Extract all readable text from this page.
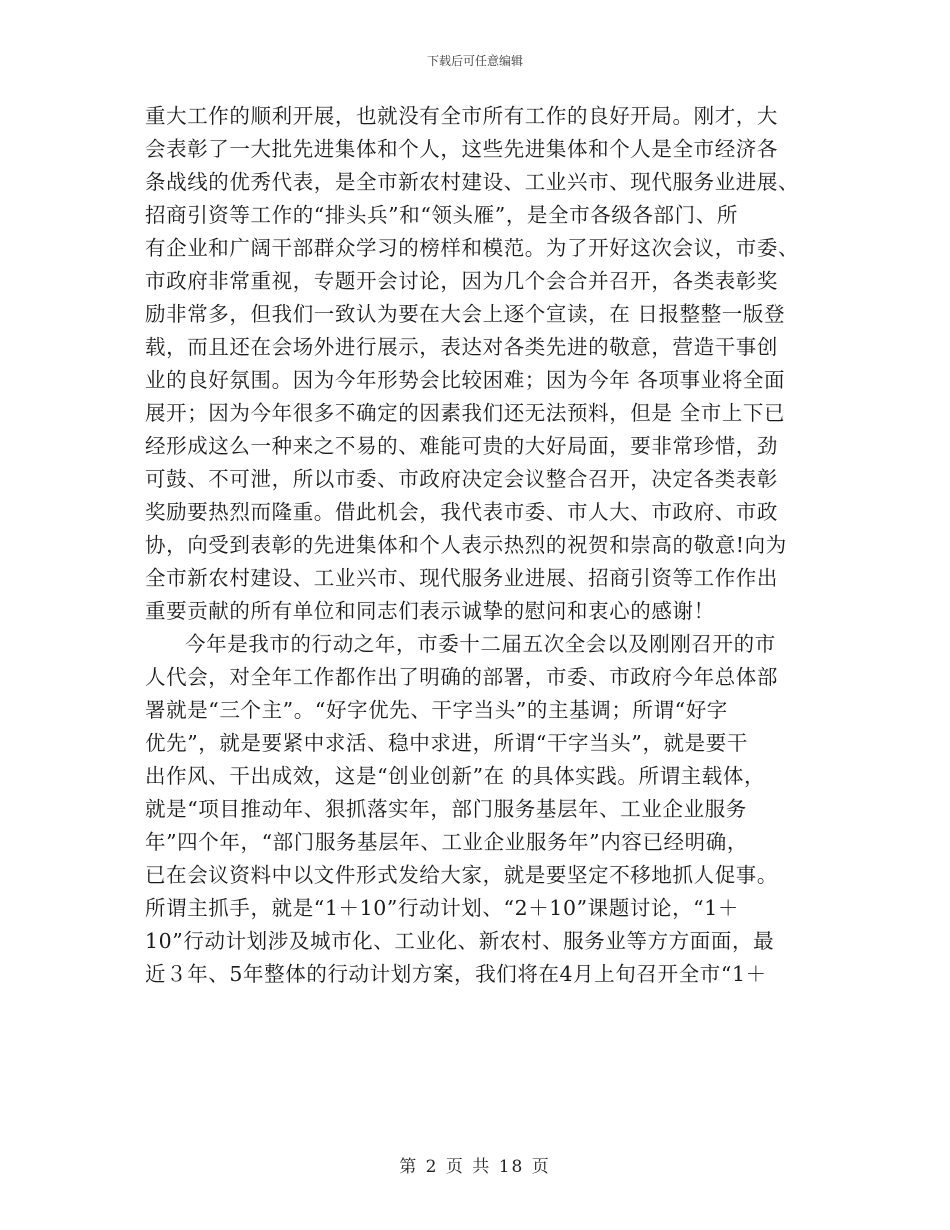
下载后可任意编辑
重大工作的顺利开展，也就没有全市所有工作的良好开局。刚才，大
会表彰了一大批先进集体和个人，这些先进集体和个人是全市经济各
条战线的优秀代表，是全市新农村建设、工业兴市、现代服务业进展、
招商引资等工作的“排头兵”和“领头雁”，是全市各级各部门、所
有企业和广阔干部群众学习的榜样和模范。为了开好这次会议，市委、
市政府非常重视，专题开会讨论，因为几个会合并召开，各类表彰奖
励非常多，但我们一致认为要在大会上逐个宣读，在 日报整整一版登
载，而且还在会场外进行展示，表达对各类先进的敬意，营造干事创
业的良好氛围。因为今年形势会比较困难；因为今年 各项事业将全面
展开；因为今年很多不确定的因素我们还无法预料，但是 全市上下已
经形成这么一种来之不易的、难能可贵的大好局面，要非常珍惜，劲
可鼓、不可泄，所以市委、市政府决定会议整合召开，决定各类表彰
奖励要热烈而隆重。借此机会，我代表市委、市人大、市政府、市政
协，向受到表彰的先进集体和个人表示热烈的祝贺和崇高的敬意!向为
全市新农村建设、工业兴市、现代服务业进展、招商引资等工作作出
重要贡献的所有单位和同志们表示诚挚的慰问和衷心的感谢！
今年是我市的行动之年，市委十二届五次全会以及刚刚召开的市
人代会，对全年工作都作出了明确的部署，市委、市政府今年总体部
署就是“三个主”。“好字优先、干字当头”的主基调；所谓“好字
优先”，就是要紧中求活、稳中求进，所谓“干字当头”，就是要干
出作风、干出成效，这是“创业创新”在 的具体实践。所谓主载体，
就是“项目推动年、狠抓落实年，部门服务基层年、工业企业服务
年”四个年，“部门服务基层年、工业企业服务年”内容已经明确，
已在会议资料中以文件形式发给大家，就是要坚定不移地抓人促事。
所谓主抓手，就是“1＋10”行动计划、“2＋10”课题讨论，“1＋
10”行动计划涉及城市化、工业化、新农村、服务业等方方面面，最
近３年、5年整体的行动计划方案，我们将在4月上旬召开全市“1＋
第 2 页 共 18 页
